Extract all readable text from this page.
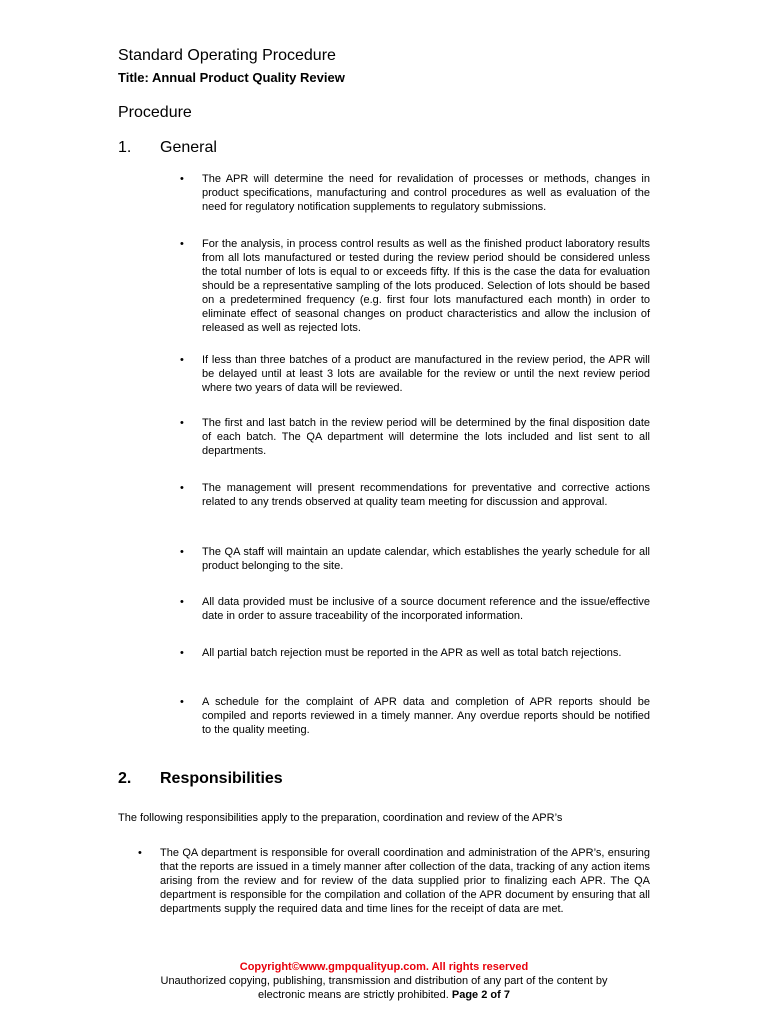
Standard Operating Procedure
Title: Annual Product Quality Review
Procedure
1. General
• The APR will determine the need for revalidation of processes or methods, changes in product specifications, manufacturing and control procedures as well as evaluation of the need for regulatory notification supplements to regulatory submissions.
• For the analysis, in process control results as well as the finished product laboratory results from all lots manufactured or tested during the review period should be considered unless the total number of lots is equal to or exceeds fifty. If this is the case the data for evaluation should be a representative sampling of the lots produced. Selection of lots should be based on a predetermined frequency (e.g. first four lots manufactured each month) in order to eliminate effect of seasonal changes on product characteristics and allow the inclusion of released as well as rejected lots.
• If less than three batches of a product are manufactured in the review period, the APR will be delayed until at least 3 lots are available for the review or until the next review period where two years of data will be reviewed.
• The first and last batch in the review period will be determined by the final disposition date of each batch. The QA department will determine the lots included and list sent to all departments.
• The management will present recommendations for preventative and corrective actions related to any trends observed at quality team meeting for discussion and approval.
• The QA staff will maintain an update calendar, which establishes the yearly schedule for all product belonging to the site.
• All data provided must be inclusive of a source document reference and the issue/effective date in order to assure traceability of the incorporated information.
• All partial batch rejection must be reported in the APR as well as total batch rejections.
• A schedule for the complaint of APR data and completion of APR reports should be compiled and reports reviewed in a timely manner. Any overdue reports should be notified to the quality meeting.
2. Responsibilities
The following responsibilities apply to the preparation, coordination and review of the APR’s
• The QA department is responsible for overall coordination and administration of the APR’s, ensuring that the reports are issued in a timely manner after collection of the data, tracking of any action items arising from the review and for review of the data supplied prior to finalizing each APR. The QA department is responsible for the compilation and collation of the APR document by ensuring that all departments supply the required data and time lines for the receipt of data are met.
Copyright©www.gmpqualityup.com. All rights reserved
Unauthorized copying, publishing, transmission and distribution of any part of the content by
electronic means are strictly prohibited. Page 2 of 7
